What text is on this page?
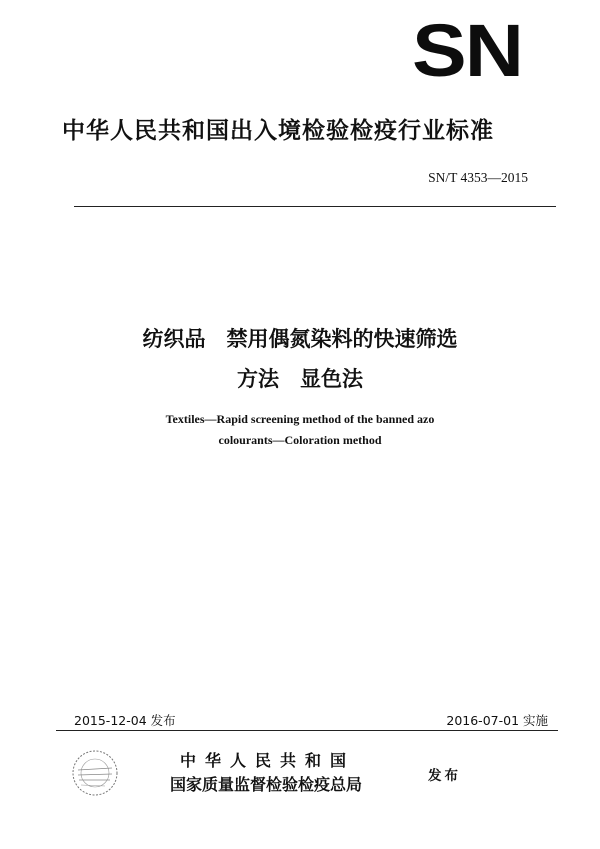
SN
中华人民共和国出入境检验检疫行业标准
SN/T 4353—2015
纺织品　禁用偶氮染料的快速筛选
方法　显色法
Textiles—Rapid screening method of the banned azo
colourants—Coloration method
2015-12-04 发布	2016-07-01 实施
中华人民共和国
国家质量监督检验检疫总局	发布
